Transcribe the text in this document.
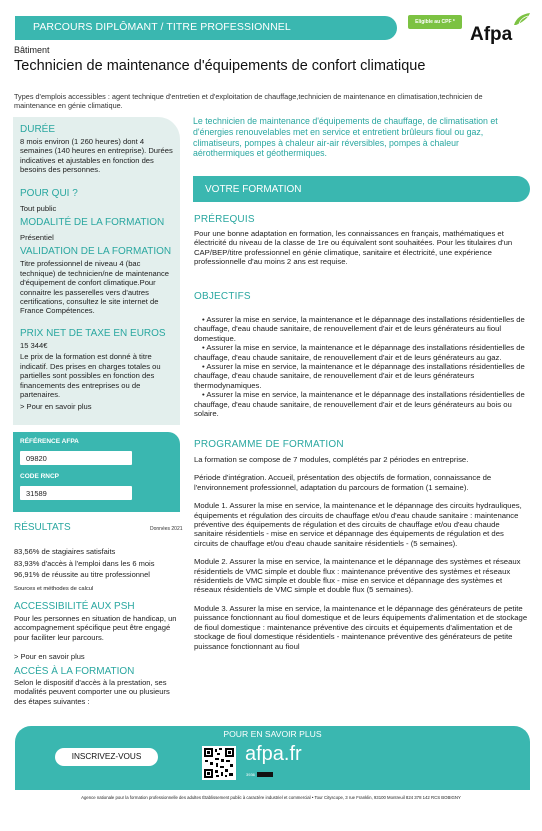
PARCOURS DIPLÔMANT / TITRE PROFESSIONNEL	Eligible au CPF *
Afpa
Bâtiment
Technicien de maintenance d'équipements de confort climatique
Types d'emplois accessibles : agent technique d'entretien et d'exploitation de chauffage,technicien de maintenance en climatisation,technicien de maintenance en génie climatique.
DURÉE
8 mois environ (1 260 heures) dont 4 semaines (140 heures en entreprise). Durées indicatives et ajustables en fonction des besoins des personnes.
POUR QUI ?
Tout public
MODALITÉ DE LA FORMATION
Présentiel
VALIDATION DE LA FORMATION
Titre professionnel de niveau 4 (bac technique) de technicien/ne de maintenance d'équipement de confort climatique.Pour connaitre les passerelles vers d'autres certifications, consultez le site internet de France Compétences.
PRIX NET DE TAXE EN EUROS
15 344€
Le prix de la formation est donné à titre indicatif. Des prises en charges totales ou partielles sont possibles en fonction des financements des entreprises ou de partenaires.
> Pour en savoir plus
Le technicien de maintenance d'équipements de chauffage, de climatisation et d'énergies renouvelables met en service et entretient brûleurs fioul ou gaz, climatiseurs, pompes à chaleur air-air réversibles, pompes à chaleur aérothermiques et géothermiques.
VOTRE FORMATION
PRÉREQUIS
Pour une bonne adaptation en formation, les connaissances en français, mathématiques et électricité du niveau de la classe de 1re ou équivalent sont souhaitées. Pour les titulaires d'un CAP/BEP/titre professionnel en génie climatique, sanitaire et électricité, une expérience professionnelle d'au moins 2 ans est requise.
OBJECTIFS
• Assurer la mise en service, la maintenance et le dépannage des installations résidentielles de chauffage, d'eau chaude sanitaire, de renouvellement d'air et de leurs générateurs au fioul domestique.
• Assurer la mise en service, la maintenance et le dépannage des installations résidentielles de chauffage, d'eau chaude sanitaire, de renouvellement d'air et de leurs générateurs au gaz.
• Assurer la mise en service, la maintenance et le dépannage des installations résidentielles de chauffage, d'eau chaude sanitaire, de renouvellement d'air et de leurs générateurs thermodynamiques.
• Assurer la mise en service, la maintenance et le dépannage des installations résidentielles de chauffage, d'eau chaude sanitaire, de renouvellement d'air et de leurs générateurs au bois ou solaire.
PROGRAMME DE FORMATION
La formation se compose de 7 modules, complétés par 2 périodes en entreprise.
Période d'intégration. Accueil, présentation des objectifs de formation, connaissance de l'environnement professionnel, adaptation du parcours de formation (1 semaine).
Module 1. Assurer la mise en service, la maintenance et le dépannage des circuits hydrauliques, équipements et régulation des circuits de chauffage et/ou d'eau chaude sanitaire : maintenance préventive des équipements de régulation et des circuits de chauffage et/ou d'eau chaude sanitaire résidentiels - mise en service et dépannage des équipements de régulation et des circuits de chauffage et/ou d'eau chaude sanitaire résidentiels - (5 semaines).
Module 2. Assurer la mise en service, la maintenance et le dépannage des systèmes et réseaux résidentiels de VMC simple et double flux : maintenance préventive des systèmes et réseaux résidentiels de VMC simple et double flux - mise en service et dépannage des systèmes et réseaux résidentiels de VMC simple et double flux (5 semaines).
Module 3. Assurer la mise en service, la maintenance et le dépannage des générateurs de petite puissance fonctionnant au fioul domestique et de leurs équipements d'alimentation et de stockage de fioul domestique : maintenance préventive des circuits et équipements d'alimentation et de stockage de fioul domestique résidentiels - maintenance préventive des générateurs de petite puissance fonctionnant au fioul
RÉFÉRENCE AFPA
09820
CODE RNCP
31589
RÉSULTATS	Données 2021
83,56% de stagiaires satisfaits
83,93% d'accès à l'emploi dans les 6 mois
96,91% de réussite au titre professionnel
Sources et méthodes de calcul
ACCESSIBILITÉ AUX PSH
Pour les personnes en situation de handicap, un accompagnement spécifique peut être engagé pour faciliter leur parcours.
> Pour en savoir plus
ACCÈS À LA FORMATION
Selon le dispositif d'accès à la prestation, ses modalités peuvent comporter une ou plusieurs des étapes suivantes :
POUR EN SAVOIR PLUS
INSCRIVEZ-VOUS	afpa.fr
3936
Agence nationale pour la formation professionnelle des adultes Établissement public à caractère industriel et commercial • Tour Cityscope, 3 rue Franklin, 93100 Montreuil 824 378 142 RCS BOBIGNY
